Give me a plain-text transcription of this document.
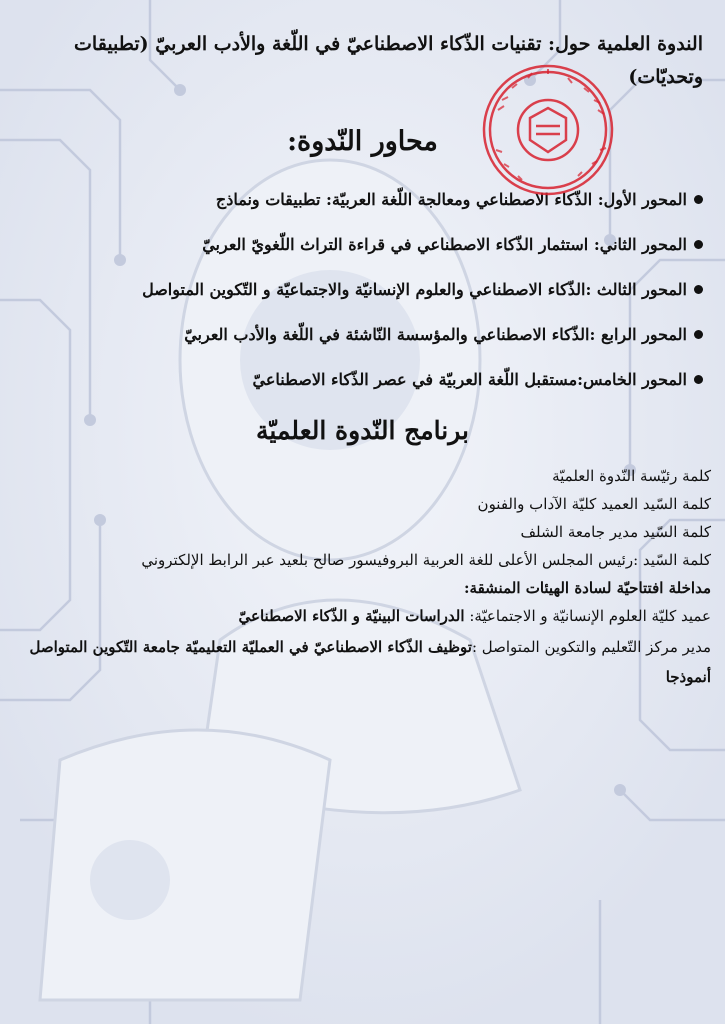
الندوة العلمية حول: تقنيات الذّكاء الاصطناعيّ في اللّغة والأدب العربيّ (تطبيقات وتحديّات)
محاور النّدوة:
المحور الأول: الذّكاء الاصطناعي ومعالجة اللّغة العربيّة: تطبيقات ونماذج
المحور الثاني: استثمار الذّكاء الاصطناعي في قراءة التراث اللّغويّ العربيّ
المحور الثالث :الذّكاء الاصطناعي والعلوم الإنسانيّة والاجتماعيّة و التّكوين المتواصل
المحور الرابع :الذّكاء الاصطناعي والمؤسسة النّاشئة في اللّغة والأدب العربيّ
المحور الخامس:مستقبل اللّغة العربيّة في عصر الذّكاء الاصطناعيّ
برنامج النّدوة العلميّة
كلمة رئيّسة النّدوة العلميّة
كلمة السّيد العميد كليّة الآداب والفنون
كلمة السّيد مدير جامعة الشلف
كلمة السّيد :رئيس المجلس الأعلى للغة العربية البروفيسور صالح بلعيد عبر الرابط الإلكتروني
مداخلة افتتاحيّة لسادة الهيئات المنشقة:
عميد كليّة العلوم الإنسانيّة و الاجتماعيّة: الدراسات البينيّة و الذّكاء الاصطناعيّ
مدير مركز التّعليم والتكوين المتواصل :توظيف الذّكاء الاصطناعيّ في العمليّة التعليميّة جامعة التّكوين المتواصل أنموذجا
